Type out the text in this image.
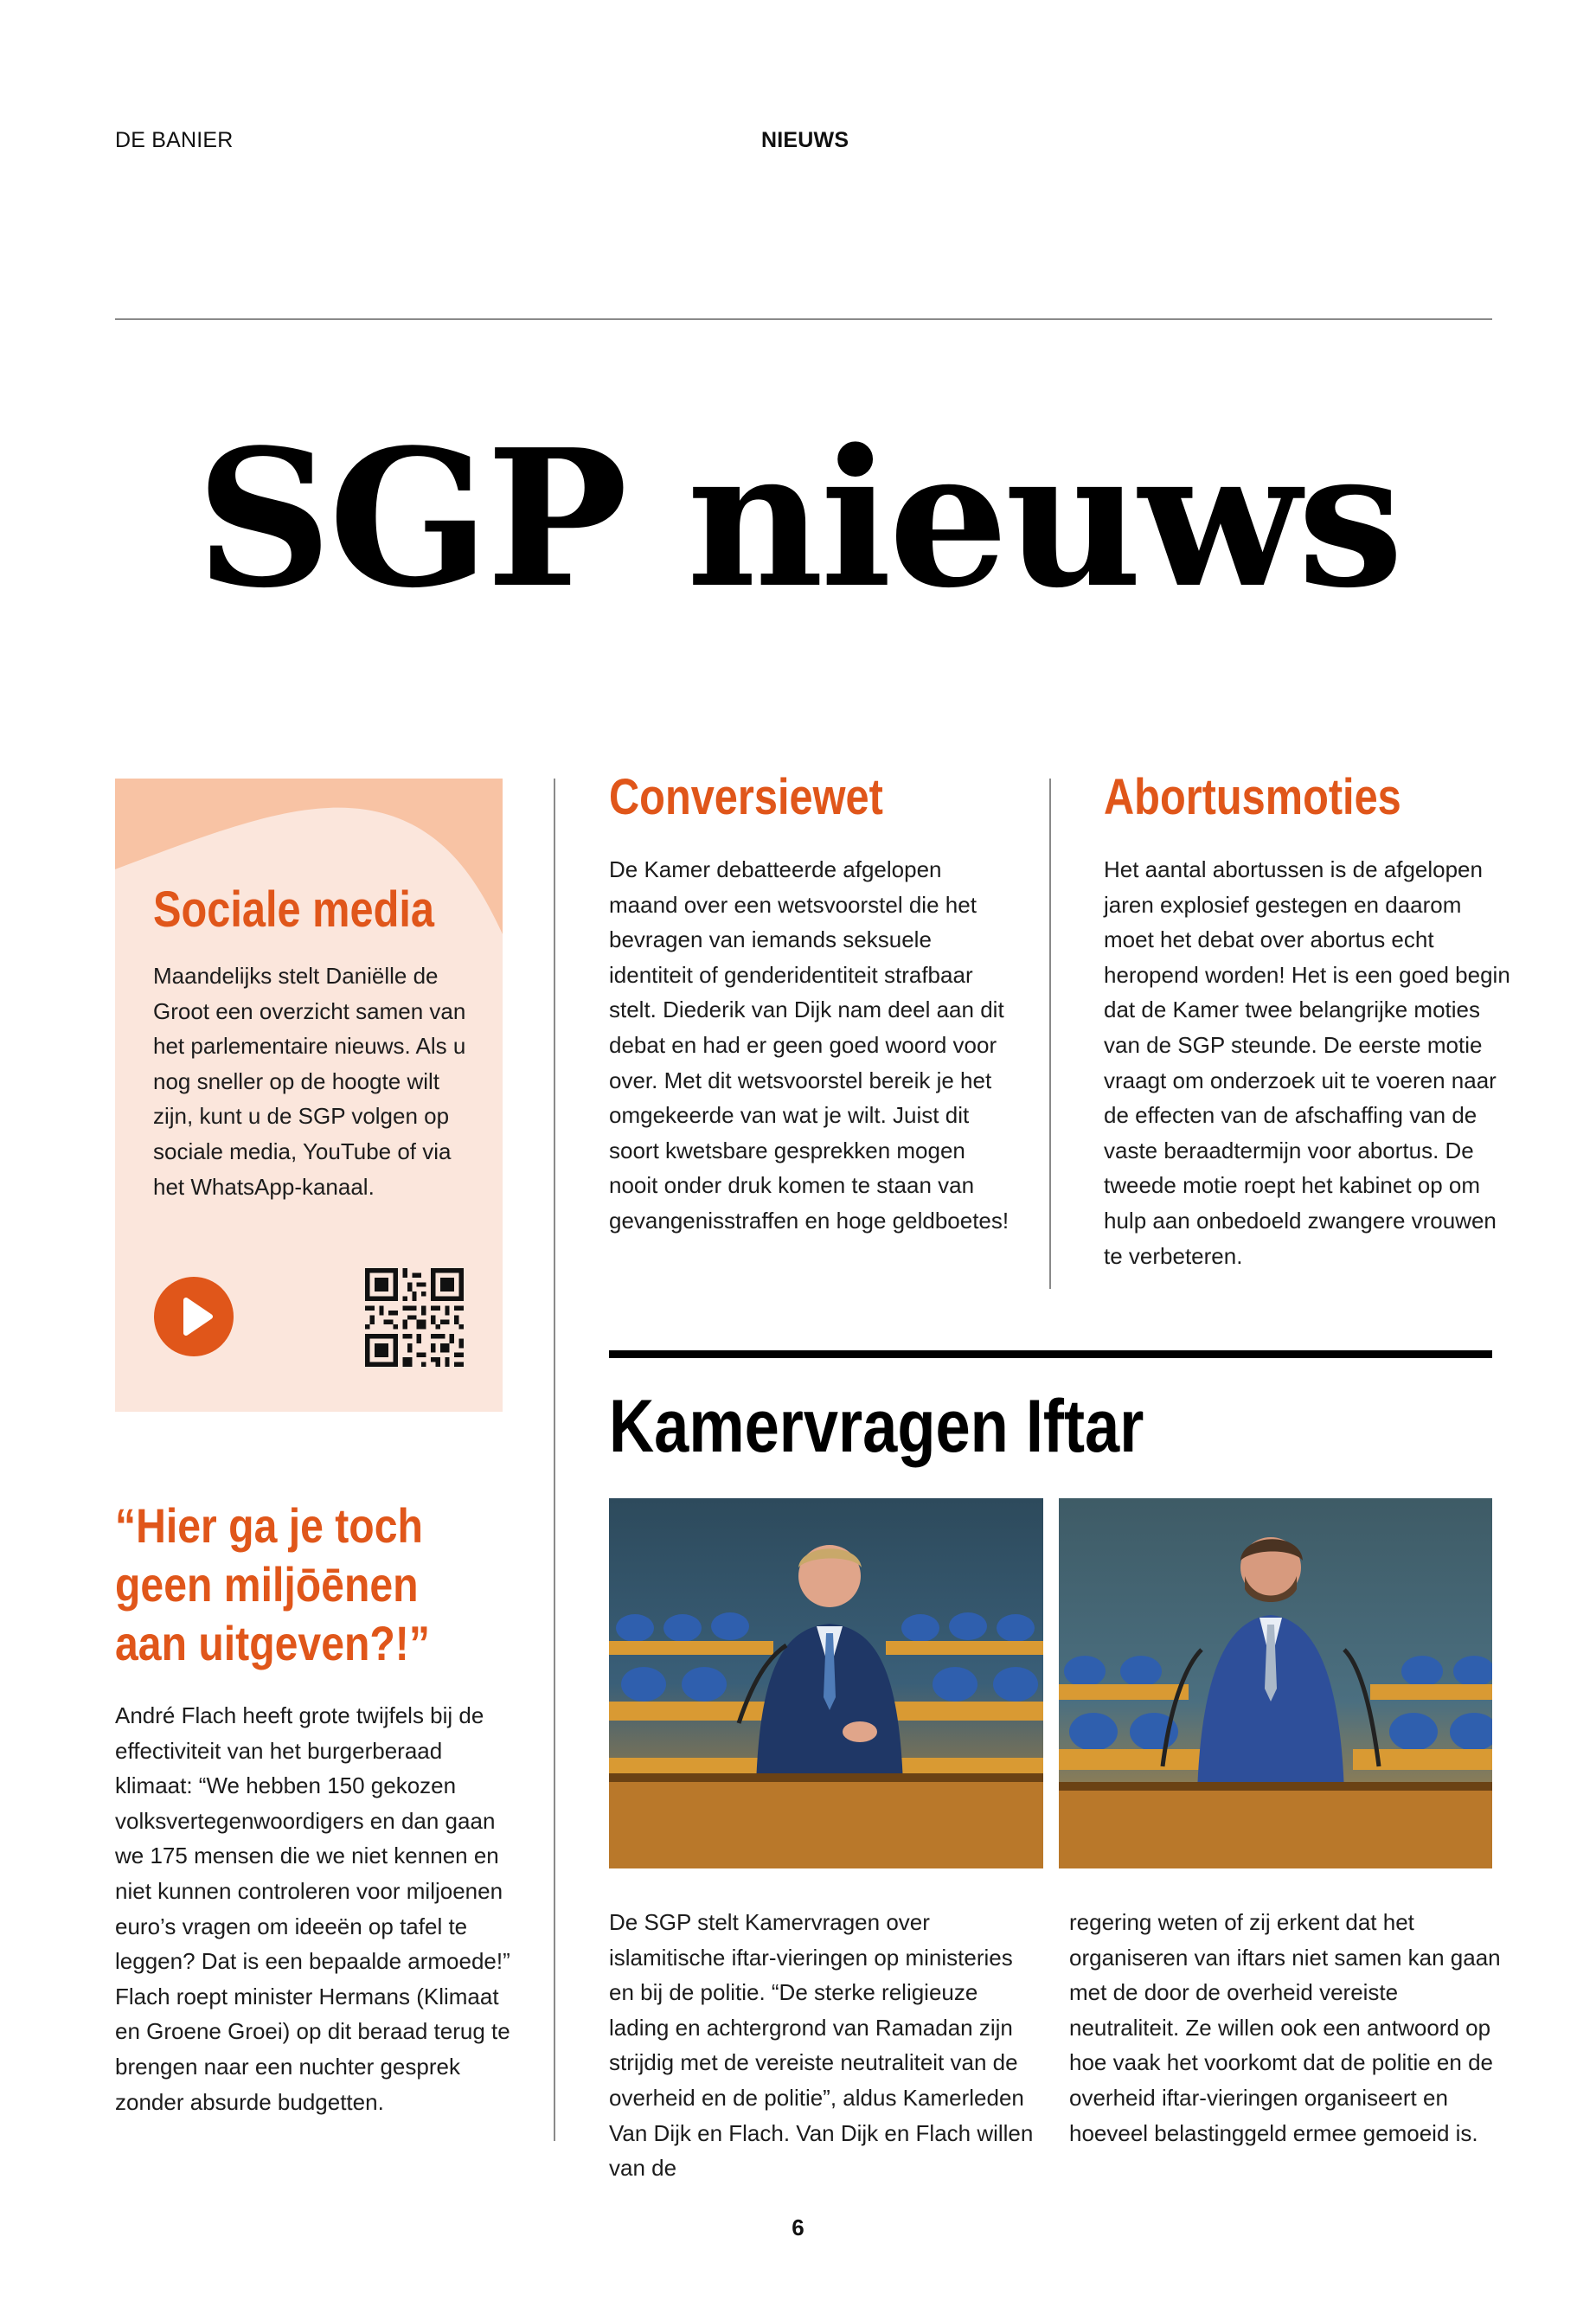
DE BANIER	NIEUWS
SGP nieuws
Sociale media
Maandelijks stelt Daniëlle de Groot een overzicht samen van het parlementaire nieuws. Als u nog sneller op de hoogte wilt zijn, kunt u de SGP volgen op sociale media, YouTube of via het WhatsApp-kanaal.
“Hier ga je toch geen miljōēnen aan uitgeven?!”
André Flach heeft grote twijfels bij de effectiviteit van het burgerberaad klimaat: “We hebben 150 gekozen volksvertegenwoordigers en dan gaan we 175 mensen die we niet kennen en niet kunnen controleren voor miljoenen euro’s vragen om ideeën op tafel te leggen? Dat is een bepaalde armoede!” Flach roept minister Hermans (Klimaat en Groene Groei) op dit beraad terug te brengen naar een nuchter gesprek zonder absurde budgetten.
Conversiewet
De Kamer debatteerde afgelopen maand over een wetsvoorstel die het bevragen van iemands seksuele identiteit of genderidentiteit strafbaar stelt. Diederik van Dijk nam deel aan dit debat en had er geen goed woord voor over. Met dit wetsvoorstel bereik je het omgekeerde van wat je wilt. Juist dit soort kwetsbare gesprekken mogen nooit onder druk komen te staan van gevangenisstraffen en hoge geldboetes!
Abortusmoties
Het aantal abortussen is de afgelopen jaren explosief gestegen en daarom moet het debat over abortus echt heropend worden! Het is een goed begin dat de Kamer twee belangrijke moties van de SGP steunde. De eerste motie vraagt om onderzoek uit te voeren naar de effecten van de afschaffing van de vaste beraadtermijn voor abortus. De tweede motie roept het kabinet op om hulp aan onbedoeld zwangere vrouwen te verbeteren.
Kamervragen Iftar
De SGP stelt Kamervragen over islamitische iftar-vieringen op ministeries en bij de politie. “De sterke religieuze lading en achtergrond van Ramadan zijn strijdig met de vereiste neutraliteit van de overheid en de politie”, aldus Kamerleden Van Dijk en Flach. Van Dijk en Flach willen van de
regering weten of zij erkent dat het organiseren van iftars niet samen kan gaan met de door de overheid vereiste neutraliteit. Ze willen ook een antwoord op hoe vaak het voorkomt dat de politie en de overheid iftar-vieringen organiseert en hoeveel belastinggeld ermee gemoeid is.
6
